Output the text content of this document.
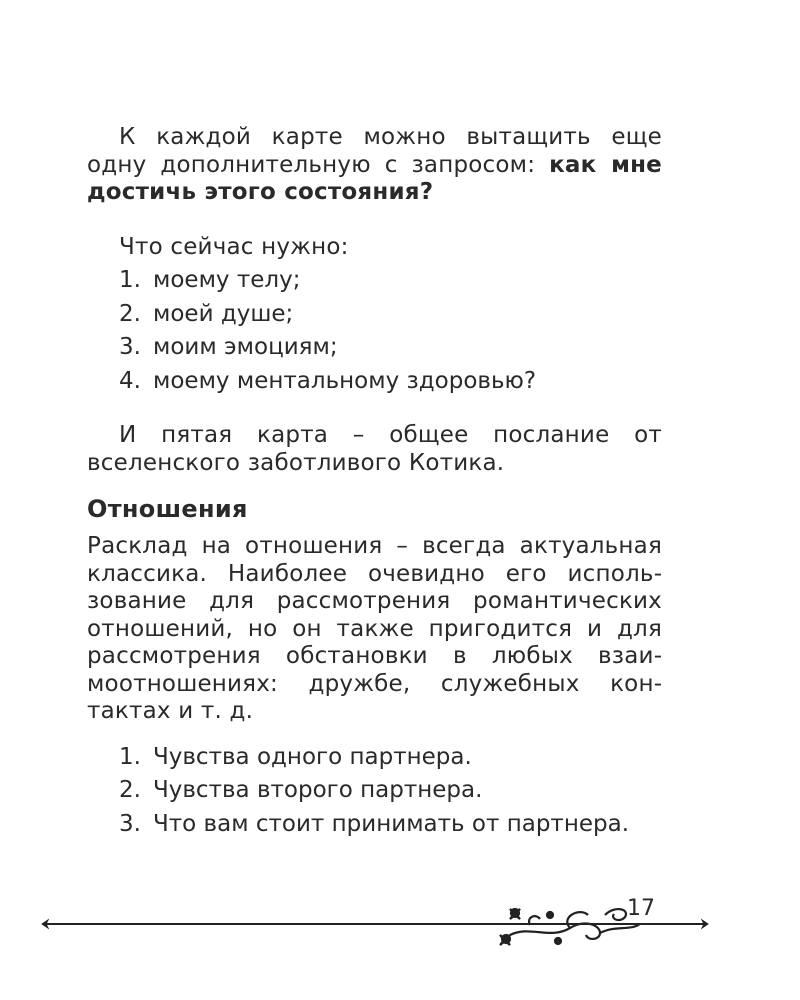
К каждой карте можно вытащить еще одну дополнительную с запросом: как мне достичь этого состояния?

Что сейчас нужно:

1. моему телу;
2. моей душе;
3. моим эмоциям;
4. моему ментальному здоровью?

И пятая карта – общее послание от вселенского заботливого Котика.

Отношения

Расклад на отношения – всегда актуальная классика. Наиболее очевидно его использование для рассмотрения романтических отношений, но он также пригодится и для рассмотрения обстановки в любых взаимоотношениях: дружбе, служебных контактах и т. д.

1. Чувства одного партнера.
2. Чувства второго партнера.
3. Что вам стоит принимать от партнера.
17
